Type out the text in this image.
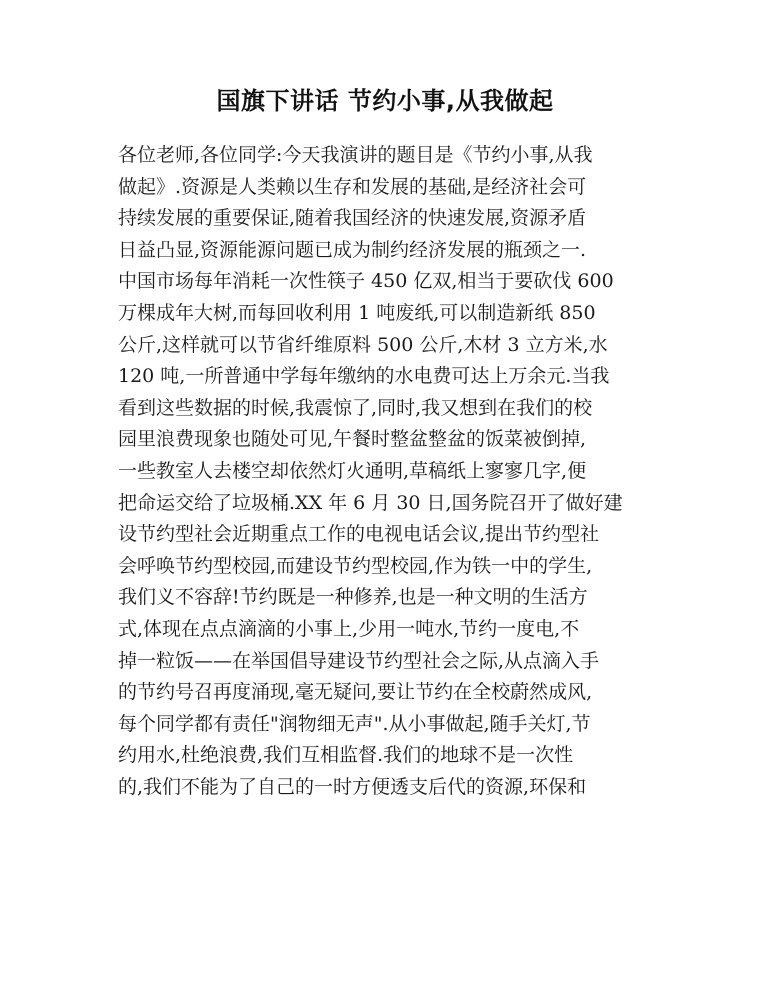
国旗下讲话 节约小事,从我做起
各位老师,各位同学:今天我演讲的题目是《节约小事,从我
做起》.资源是人类赖以生存和发展的基础,是经济社会可
持续发展的重要保证,随着我国经济的快速发展,资源矛盾
日益凸显,资源能源问题已成为制约经济发展的瓶颈之一.
中国市场每年消耗一次性筷子 450 亿双,相当于要砍伐 600
万棵成年大树,而每回收利用 1 吨废纸,可以制造新纸 850
公斤,这样就可以节省纤维原料 500 公斤,木材 3 立方米,水
120 吨,一所普通中学每年缴纳的水电费可达上万余元.当我
看到这些数据的时候,我震惊了,同时,我又想到在我们的校
园里浪费现象也随处可见,午餐时整盆整盆的饭菜被倒掉,
一些教室人去楼空却依然灯火通明,草稿纸上寥寥几字,便
把命运交给了垃圾桶.XX 年 6 月 30 日,国务院召开了做好建
设节约型社会近期重点工作的电视电话会议,提出节约型社
会呼唤节约型校园,而建设节约型校园,作为铁一中的学生,
我们义不容辞!节约既是一种修养,也是一种文明的生活方
式,体现在点点滴滴的小事上,少用一吨水,节约一度电,不
掉一粒饭——在举国倡导建设节约型社会之际,从点滴入手
的节约号召再度涌现,毫无疑问,要让节约在全校蔚然成风,
每个同学都有责任"润物细无声".从小事做起,随手关灯,节
约用水,杜绝浪费,我们互相监督.我们的地球不是一次性
的,我们不能为了自己的一时方便透支后代的资源,环保和
